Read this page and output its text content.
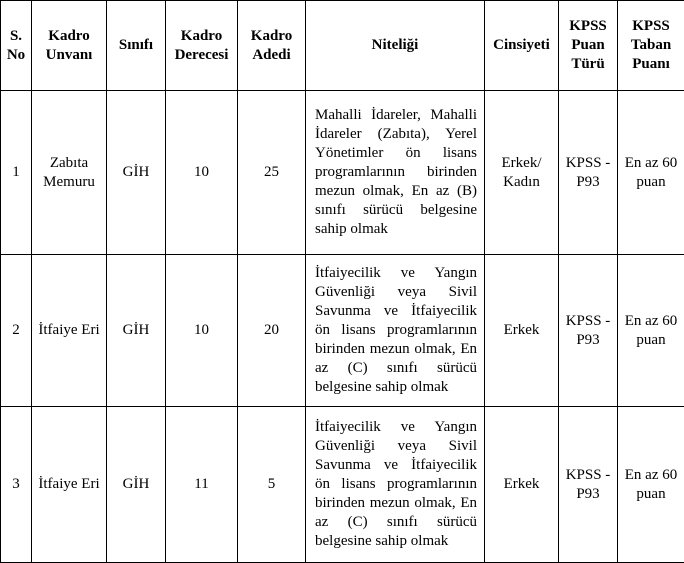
S. No	Kadro Unvanı	Sınıfı	Kadro Derecesi	Kadro Adedi	Niteliği	Cinsiyeti	KPSS Puan Türü	KPSS Taban Puanı
1	Zabıta Memuru	GİH	10	25	Mahalli İdareler, Mahalli İdareler (Zabıta), Yerel Yönetimler ön lisans programlarının birinden mezun olmak, En az (B) sınıfı sürücü belgesine sahip olmak	Erkek/ Kadın	KPSS -P93	En az 60 puan
2	İtfaiye Eri	GİH	10	20	İtfaiyecilik ve Yangın Güvenliği veya Sivil Savunma ve İtfaiyecilik ön lisans programlarının birinden mezun olmak, En az (C) sınıfı sürücü belgesine sahip olmak	Erkek	KPSS -P93	En az 60 puan
3	İtfaiye Eri	GİH	11	5	İtfaiyecilik ve Yangın Güvenliği veya Sivil Savunma ve İtfaiyecilik ön lisans programlarının birinden mezun olmak, En az (C) sınıfı sürücü belgesine sahip olmak	Erkek	KPSS -P93	En az 60 puan
